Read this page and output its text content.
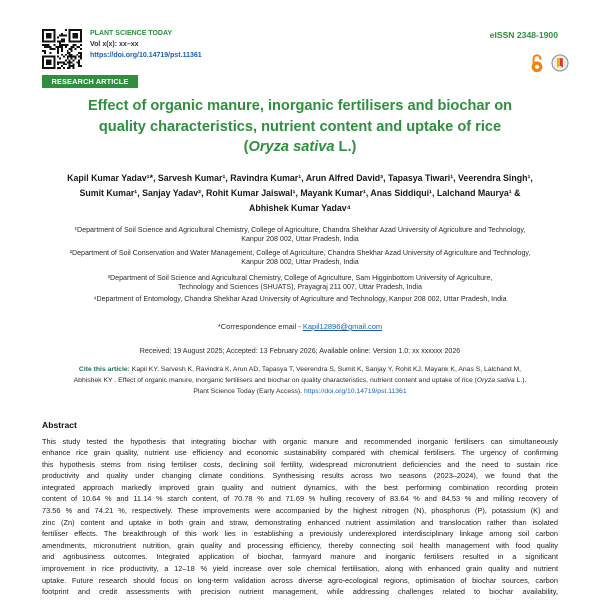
PLANT SCIENCE TODAY
Vol x(x): xx–xx
https://doi.org/10.14719/pst.11361
eISSN 2348-1900
RESEARCH ARTICLE
Effect of organic manure, inorganic fertilisers and biochar on
quality characteristics, nutrient content and uptake of rice
(Oryza sativa L.)
Kapil Kumar Yadav¹*, Sarvesh Kumar¹, Ravindra Kumar¹, Arun Alfred David³, Tapasya Tiwari¹, Veerendra Singh¹,
Sumit Kumar¹, Sanjay Yadav², Rohit Kumar Jaiswal¹, Mayank Kumar¹, Anas Siddiqui¹, Lalchand Maurya¹ &
Abhishek Kumar Yadav⁴
¹Department of Soil Science and Agricultural Chemistry, College of Agriculture, Chandra Shekhar Azad University of Agriculture and Technology,
Kanpur 208 002, Uttar Pradesh, India
²Department of Soil Conservation and Water Management, College of Agriculture, Chandra Shekhar Azad University of Agriculture and Technology,
Kanpur 208 002, Uttar Pradesh, India
³Department of Soil Science and Agricultural Chemistry, College of Agriculture, Sam Higginbottom University of Agriculture,
Technology and Sciences (SHUATS), Prayagraj 211 007, Uttar Pradesh, India
⁴Department of Entomology, Chandra Shekhar Azad University of Agriculture and Technology, Kanpur 208 002, Uttar Pradesh, India
*Correspondence email - Kapil12896@gmail.com
Received: 19 August 2025; Accepted: 13 February 2026; Available online: Version 1.0: xx xxxxxx 2026
Cite this article: Kapil KY, Sarvesh K, Ravindra K, Arun AD, Tapasya T, Veerendra S, Sumit K, Sanjay Y, Rohit KJ, Mayank K, Anas S, Lalchand M,
Abhishek KY . Effect of organic manure, inorganic fertilisers and biochar on quality characteristics, nutrient content and uptake of rice (Oryza sativa L.).
Plant Science Today (Early Access). https://doi.org/10.14719/pst.11361
Abstract
This study tested the hypothesis that integrating biochar with organic manure and recommended inorganic fertilisers can simultaneously
enhance rice grain quality, nutrient use efficiency and economic sustainability compared with chemical fertilisers. The urgency of confirming
this hypothesis stems from rising fertiliser costs, declining soil fertility, widespread micronutrient deficiencies and the need to sustain rice
productivity and quality under changing climate conditions. Synthesising results across two seasons (2023–2024), we found that the
integrated approach markedly improved grain quality and nutrient dynamics, with the best performing combination recording protein
content of 10.64 % and 11.14 % starch content, of 70.78 % and 71.69 % hulling recovery of 83.64 % and 84.53 % and milling recovery of
73.56 % and 74.21 %, respectively. These improvements were accompanied by the highest nitrogen (N), phosphorus (P), potassium (K) and
zinc (Zn) content and uptake in both grain and straw, demonstrating enhanced nutrient assimilation and translocation rather than isolated
fertiliser effects. The breakthrough of this work lies in establishing a previously underexplored interdisciplinary linkage among soil carbon
amendments, micronutrient nutrition, grain quality and processing efficiency, thereby connecting soil health management with food quality
and agribusiness outcomes. Integrated application of biochar, farmyard manure and inorganic fertilisers resulted in a significant
improvement in rice productivity, a 12–18 % yield increase over sole chemical fertilisation, along with enhanced grain quality and nutrient
uptake. Future research should focus on long-term validation across diverse agro-ecological regions, optimisation of biochar sources, carbon
footprint and credit assessments with precision nutrient management, while addressing challenges related to biochar availability,
